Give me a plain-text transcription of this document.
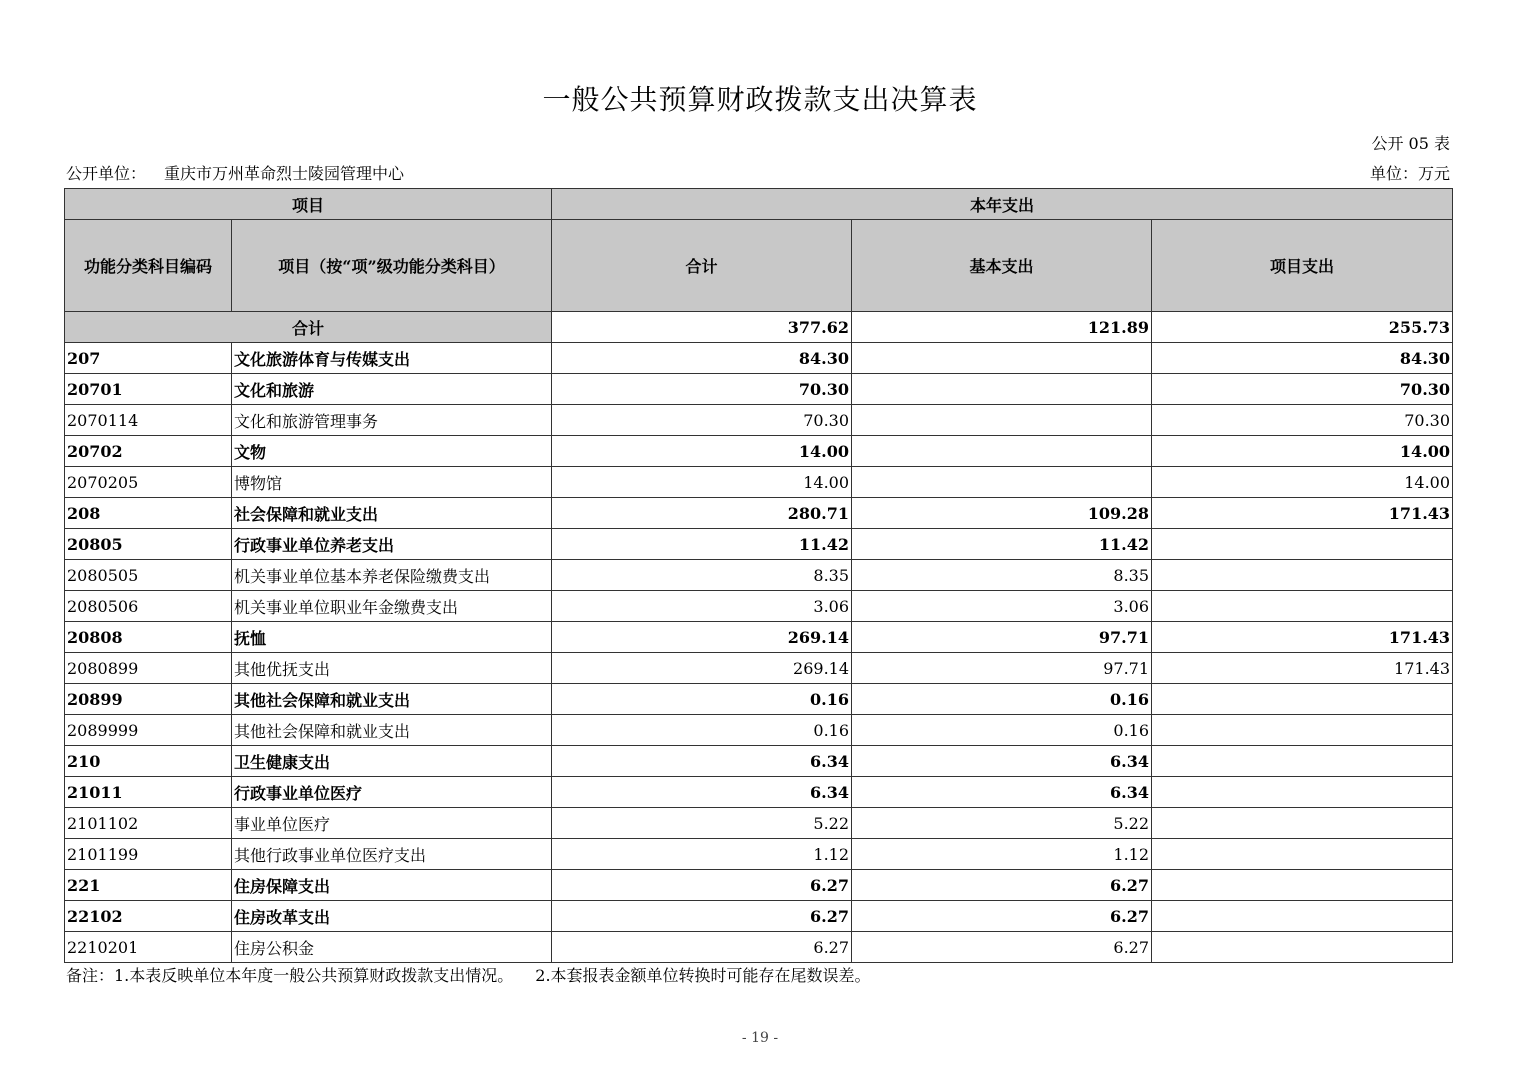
一般公共预算财政拨款支出决算表
公开 05 表
公开单位： 重庆市万州革命烈士陵园管理中心	单位：万元
项目		本年支出		
功能分类科目编码	项目（按“项”级功能分类科目）	合计	基本支出	项目支出
合计		377.62	121.89	255.73
207	文化旅游体育与传媒支出	84.30		84.30
20701	文化和旅游	70.30		70.30
2070114	文化和旅游管理事务	70.30		70.30
20702	文物	14.00		14.00
2070205	博物馆	14.00		14.00
208	社会保障和就业支出	280.71	109.28	171.43
20805	行政事业单位养老支出	11.42	11.42	
2080505	机关事业单位基本养老保险缴费支出	8.35	8.35	
2080506	机关事业单位职业年金缴费支出	3.06	3.06	
20808	抚恤	269.14	97.71	171.43
2080899	其他优抚支出	269.14	97.71	171.43
20899	其他社会保障和就业支出	0.16	0.16	
2089999	其他社会保障和就业支出	0.16	0.16	
210	卫生健康支出	6.34	6.34	
21011	行政事业单位医疗	6.34	6.34	
2101102	事业单位医疗	5.22	5.22	
2101199	其他行政事业单位医疗支出	1.12	1.12	
221	住房保障支出	6.27	6.27	
22102	住房改革支出	6.27	6.27	
2210201	住房公积金	6.27	6.27	
备注：1.本表反映单位本年度一般公共预算财政拨款支出情况。 2.本套报表金额单位转换时可能存在尾数误差。
- 19 -
